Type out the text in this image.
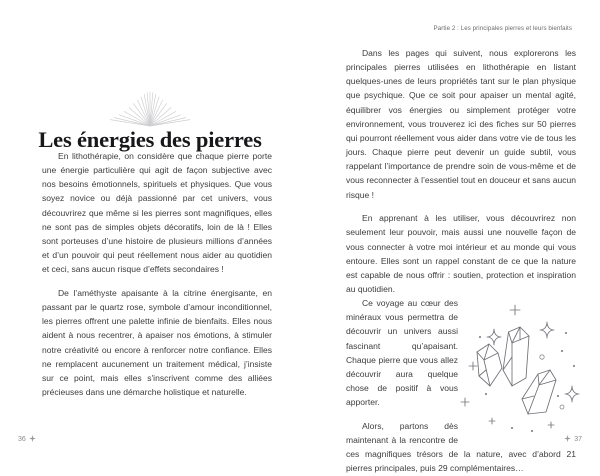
Les énergies des pierres

En lithothérapie, on considère que chaque pierre porte une énergie particulière qui agit de façon subjective avec nos besoins émotionnels, spirituels et physiques. Que vous soyez novice ou déjà passionné par cet univers, vous découvrirez que même si les pierres sont magnifiques, elles ne sont pas de simples objets décoratifs, loin de là ! Elles sont porteuses d’une histoire de plusieurs millions d’années et d’un pouvoir qui peut réellement nous aider au quotidien et ceci, sans aucun risque d’effets secondaires !

De l’améthyste apaisante à la citrine énergisante, en passant par le quartz rose, symbole d’amour inconditionnel, les pierres offrent une palette infinie de bienfaits. Elles nous aident à nous recentrer, à apaiser nos émotions, à stimuler notre créativité ou encore à renforcer notre confiance. Elles ne remplacent aucunement un traitement médical, j’insiste sur ce point, mais elles s'inscrivent comme des alliées précieuses dans une démarche holistique et naturelle.

36
Partie 2 : Les principales pierres et leurs bienfaits
37

Dans les pages qui suivent, nous explorerons les principales pierres utilisées en lithothérapie en listant quelques-unes de leurs propriétés tant sur le plan physique que psychique. Que ce soit pour apaiser un mental agité, équilibrer vos énergies ou simplement protéger votre environnement, vous trouverez ici des fiches sur 50 pierres qui pourront réellement vous aider dans votre vie de tous les jours. Chaque pierre peut devenir un guide subtil, vous rappelant l’importance de prendre soin de vous-même et de vous reconnecter à l’essentiel tout en douceur et sans aucun risque !

En apprenant à les utiliser, vous découvrirez non seulement leur pouvoir, mais aussi une nouvelle façon de vous connecter à votre moi intérieur et au monde qui vous entoure. Elles sont un rappel constant de ce que la nature est capable de nous offrir : soutien, protection et inspiration au quotidien.

Ce voyage au cœur des minéraux vous permettra de découvrir un univers aussi fascinant qu’apaisant. Chaque pierre que vous allez découvrir aura quelque chose de positif à vous apporter.

Alors, partons dès maintenant à la rencontre de ces magnifiques trésors de la nature, avec d’abord 21 pierres principales, puis 29 complémentaires…
